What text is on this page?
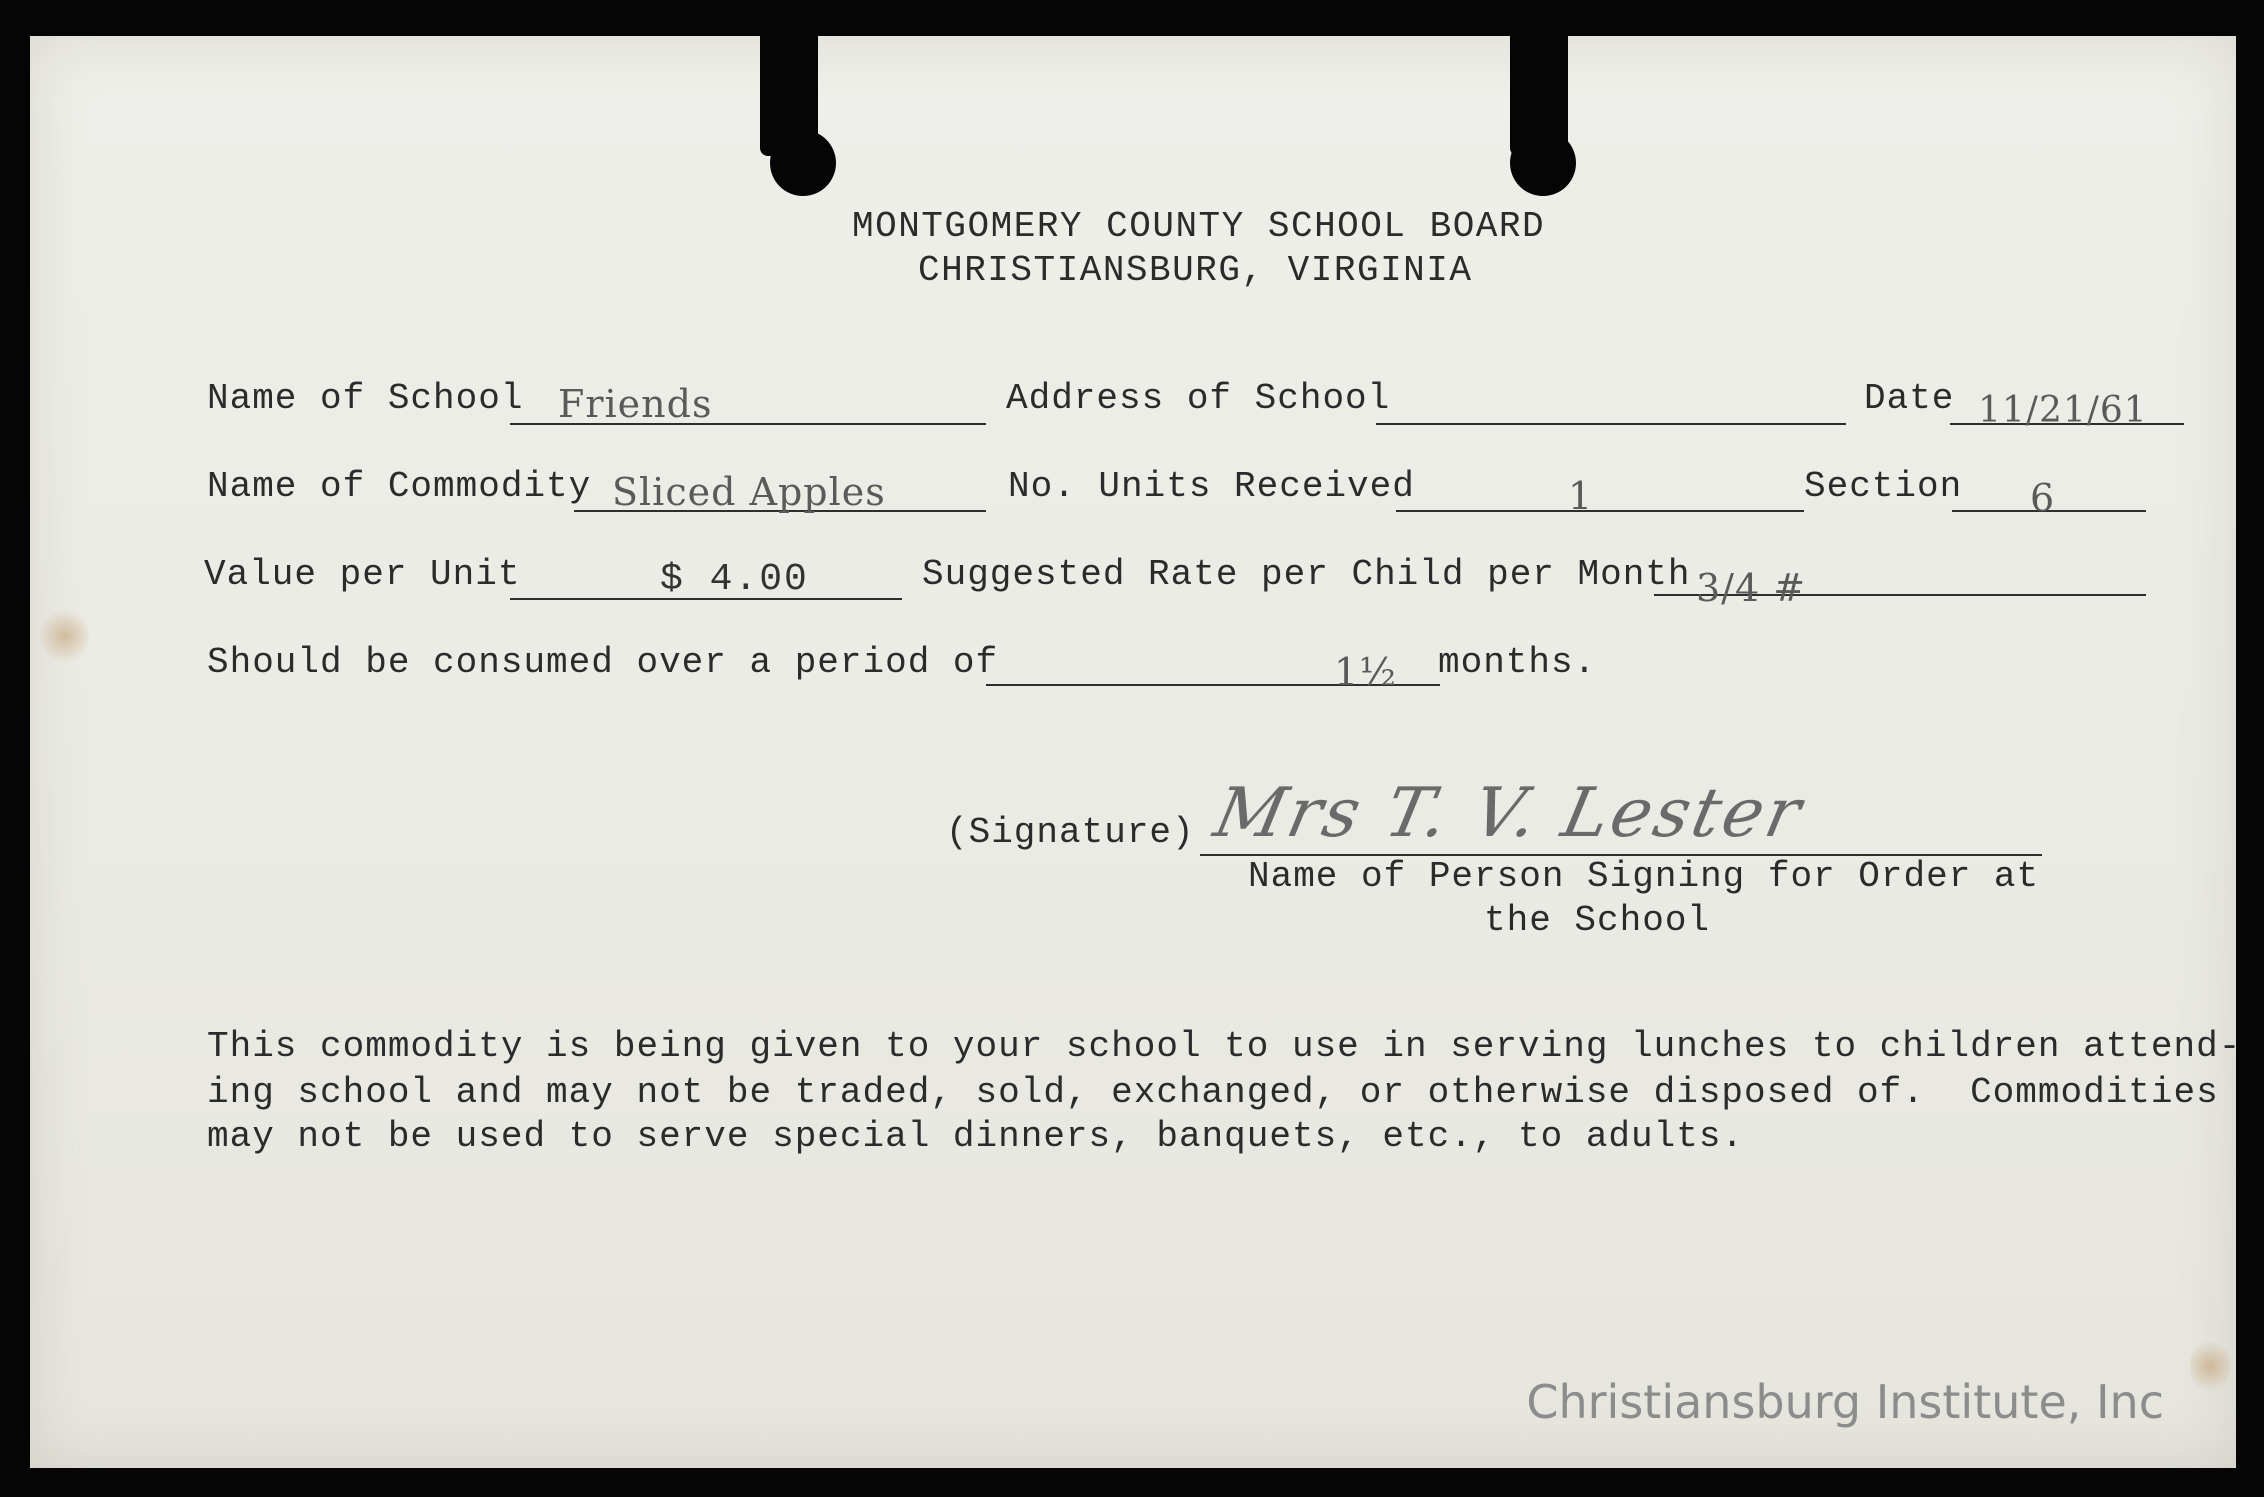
MONTGOMERY COUNTY SCHOOL BOARD
CHRISTIANSBURG, VIRGINIA
Name of School Friends	Address of School	Date 11/21/61
Name of Commodity Sliced Apples	No. Units Received	1	Section 6
Value per Unit	$ 4.00	Suggested Rate per Child per Month 3/4 #
Should be consumed over a period of	1½ months.
(Signature) Mrs T. V. Lester
Name of Person Signing for Order at
the School
This commodity is being given to your school to use in serving lunches to children attend-
ing school and may not be traded, sold, exchanged, or otherwise disposed of.  Commodities
may not be used to serve special dinners, banquets, etc., to adults.
Christiansburg Institute, Inc
